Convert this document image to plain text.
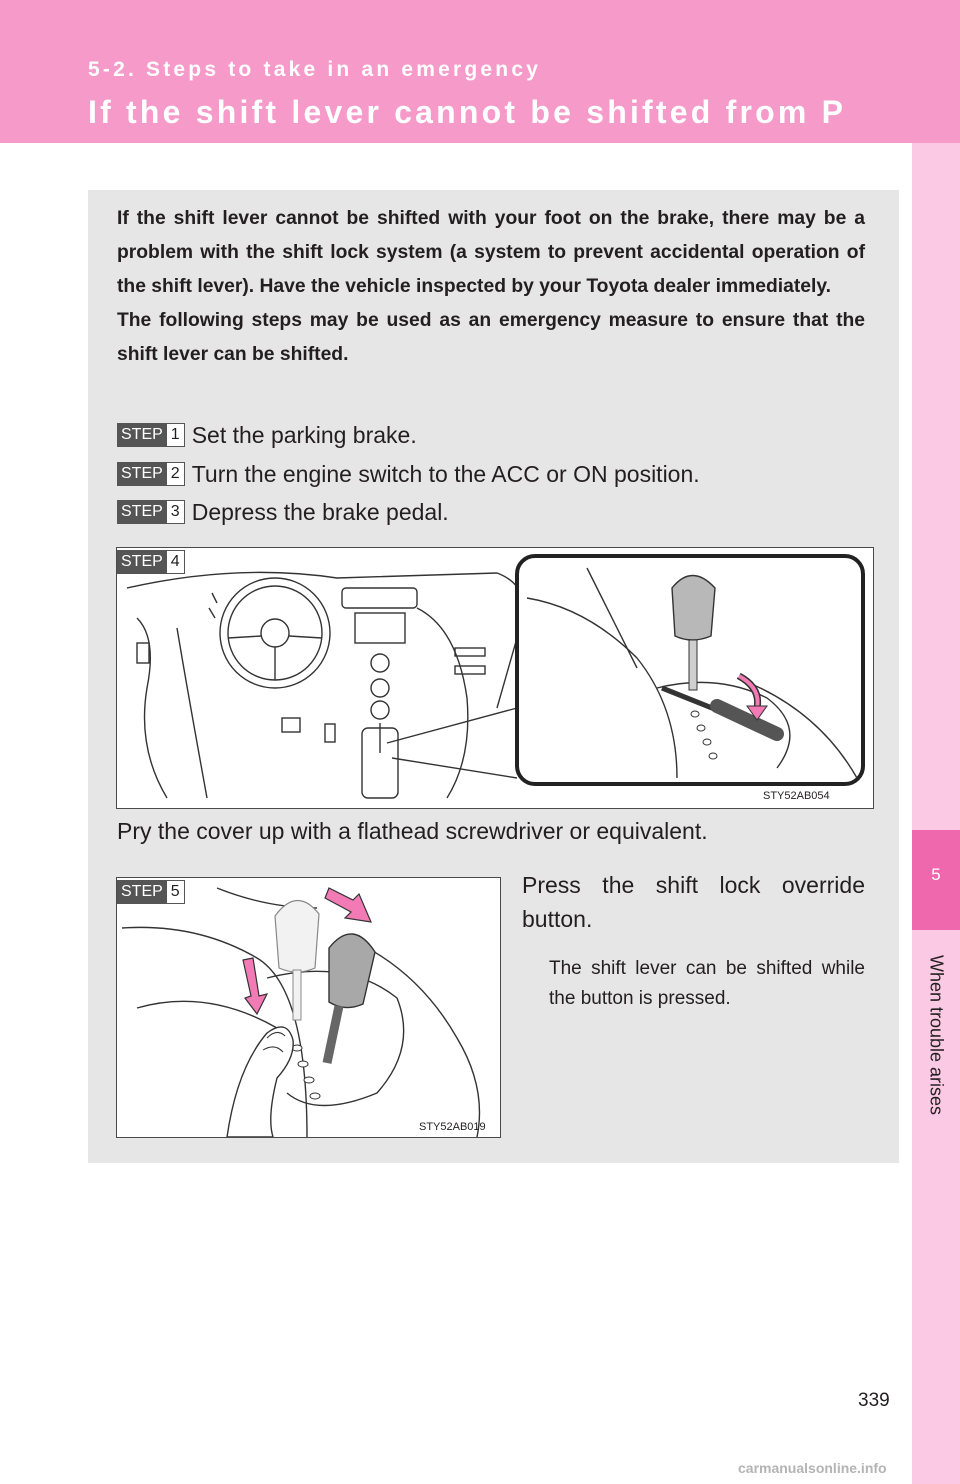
5-2. Steps to take in an emergency
If the shift lever cannot be shifted from P
5
When trouble arises

If the shift lever cannot be shifted with your foot on the brake, there may be a problem with the shift lock system (a system to prevent accidental operation of the shift lever). Have the vehicle inspected by your Toyota dealer immediately.

The following steps may be used as an emergency measure to ensure that the shift lever can be shifted.

STEP 1 Set the parking brake.
STEP 2 Turn the engine switch to the ACC or ON position.
STEP 3 Depress the brake pedal.
STEP 4
STY52AB054
Pry the cover up with a flathead screwdriver or equivalent.
STEP 5
STY52AB019
Press the shift lock override button.
The shift lever can be shifted while the button is pressed.
339
carmanualsonline.info
